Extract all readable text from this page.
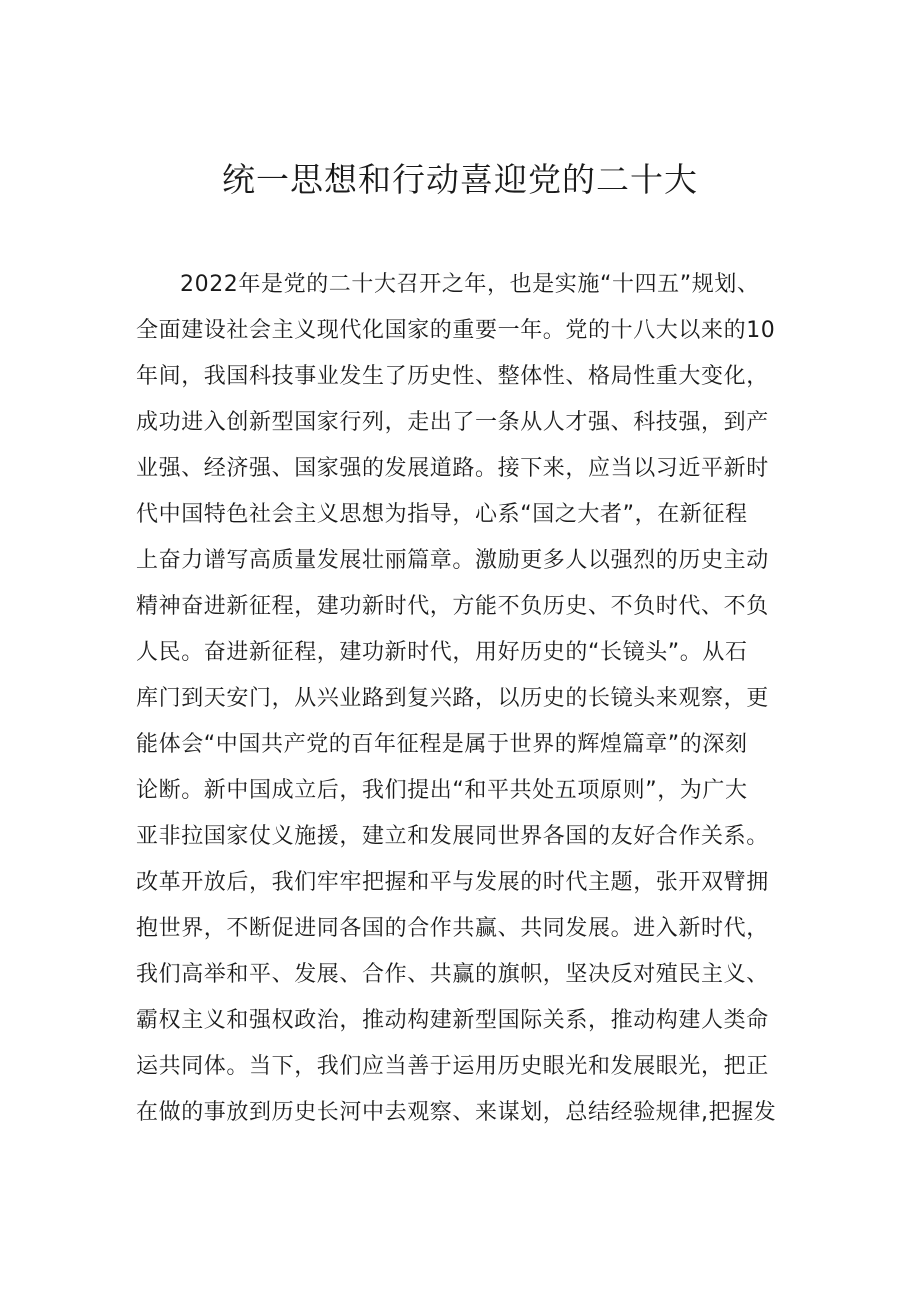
统一思想和行动喜迎党的二十大
2022年是党的二十大召开之年，也是实施“十四五”规划、
全面建设社会主义现代化国家的重要一年。党的十八大以来的10
年间，我国科技事业发生了历史性、整体性、格局性重大变化，
成功进入创新型国家行列，走出了一条从人才强、科技强，到产
业强、经济强、国家强的发展道路。接下来，应当以习近平新时
代中国特色社会主义思想为指导，心系“国之大者”，在新征程
上奋力谱写高质量发展壮丽篇章。激励更多人以强烈的历史主动
精神奋进新征程，建功新时代，方能不负历史、不负时代、不负
人民。奋进新征程，建功新时代，用好历史的“长镜头”。从石
库门到天安门，从兴业路到复兴路，以历史的长镜头来观察，更
能体会“中国共产党的百年征程是属于世界的辉煌篇章”的深刻
论断。新中国成立后，我们提出“和平共处五项原则”，为广大
亚非拉国家仗义施援，建立和发展同世界各国的友好合作关系。
改革开放后，我们牢牢把握和平与发展的时代主题，张开双臂拥
抱世界，不断促进同各国的合作共赢、共同发展。进入新时代，
我们高举和平、发展、合作、共赢的旗帜，坚决反对殖民主义、
霸权主义和强权政治，推动构建新型国际关系，推动构建人类命
运共同体。当下，我们应当善于运用历史眼光和发展眼光，把正
在做的事放到历史长河中去观察、来谋划，总结经验规律,把握发
